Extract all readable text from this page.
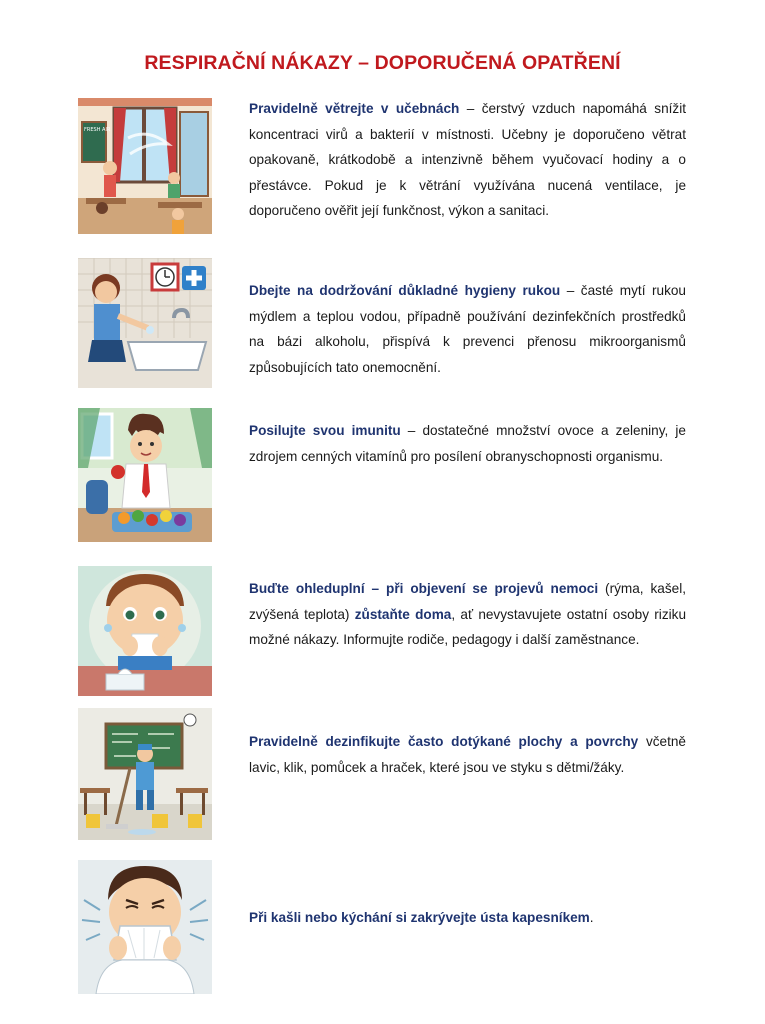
RESPIRAČNÍ NÁKAZY – DOPORUČENÁ OPATŘENÍ
FRESH AIR

Pravidelně větrejte v učebnách – čerstvý vzduch napomáhá snížit koncentraci virů a bakterií v místnosti. Učebny je doporučeno větrat opakovaně, krátkodobě a intenzivně během vyučovací hodiny a o přestávce. Pokud je k větrání využívána nucená ventilace, je doporučeno ověřit její funkčnost, výkon a sanitaci.

Dbejte na dodržování důkladné hygieny rukou – časté mytí rukou mýdlem a teplou vodou, případně používání dezinfekčních prostředků na bázi alkoholu, přispívá k prevenci přenosu mikroorganismů způsobujících tato onemocnění.

Posilujte svou imunitu – dostatečné množství ovoce a zeleniny, je zdrojem cenných vitamínů pro posílení obranyschopnosti organismu.

Buďte ohleduplní – při objevení se projevů nemoci (rýma, kašel, zvýšená teplota) zůstaňte doma, ať nevystavujete ostatní osoby riziku možné nákazy. Informujte rodiče, pedagogy i další zaměstnance.

Pravidelně dezinfikujte často dotýkané plochy a povrchy včetně lavic, klik, pomůcek a hraček, které jsou ve styku s dětmi/žáky.

Při kašli nebo kýchání si zakrývejte ústa kapesníkem.
